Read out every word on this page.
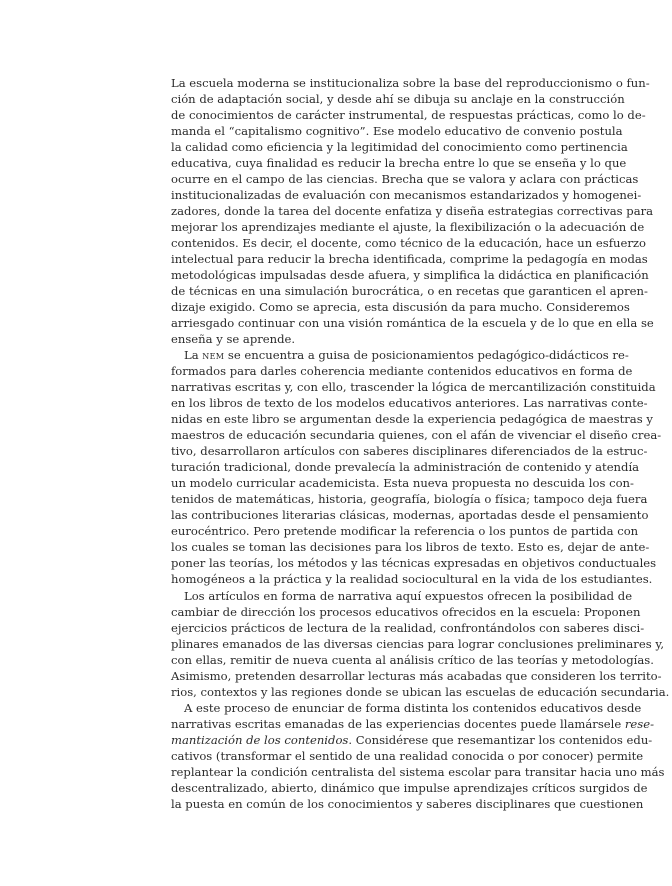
La escuela moderna se institucionaliza sobre la base del reproduccionismo o fun-
ción de adaptación social, y desde ahí se dibuja su anclaje en la construcción
de conocimientos de carácter instrumental, de respuestas prácticas, como lo de-
manda el “capitalismo cognitivo”. Ese modelo educativo de convenio postula
la calidad como eficiencia y la legitimidad del conocimiento como pertinencia
educativa, cuya finalidad es reducir la brecha entre lo que se enseña y lo que
ocurre en el campo de las ciencias. Brecha que se valora y aclara con prácticas
institucionalizadas de evaluación con mecanismos estandarizados y homogenei-
zadores, donde la tarea del docente enfatiza y diseña estrategias correctivas para
mejorar los aprendizajes mediante el ajuste, la flexibilización o la adecuación de
contenidos. Es decir, el docente, como técnico de la educación, hace un esfuerzo
intelectual para reducir la brecha identificada, comprime la pedagogía en modas
metodológicas impulsadas desde afuera, y simplifica la didáctica en planificación
de técnicas en una simulación burocrática, o en recetas que garanticen el apren-
dizaje exigido. Como se aprecia, esta discusión da para mucho. Consideremos
arriesgado continuar con una visión romántica de la escuela y de lo que en ella se
enseña y se aprende.
La nem se encuentra a guisa de posicionamientos pedagógico-didácticos re-
formados para darles coherencia mediante contenidos educativos en forma de
narrativas escritas y, con ello, trascender la lógica de mercantilización constituida
en los libros de texto de los modelos educativos anteriores. Las narrativas conte-
nidas en este libro se argumentan desde la experiencia pedagógica de maestras y
maestros de educación secundaria quienes, con el afán de vivenciar el diseño crea-
tivo, desarrollaron artículos con saberes disciplinares diferenciados de la estruc-
turación tradicional, donde prevalecía la administración de contenido y atendía
un modelo curricular academicista. Esta nueva propuesta no descuida los con-
tenidos de matemáticas, historia, geografía, biología o física; tampoco deja fuera
las contribuciones literarias clásicas, modernas, aportadas desde el pensamiento
eurocéntrico. Pero pretende modificar la referencia o los puntos de partida con
los cuales se toman las decisiones para los libros de texto. Esto es, dejar de ante-
poner las teorías, los métodos y las técnicas expresadas en objetivos conductuales
homogéneos a la práctica y la realidad sociocultural en la vida de los estudiantes.
Los artículos en forma de narrativa aquí expuestos ofrecen la posibilidad de
cambiar de dirección los procesos educativos ofrecidos en la escuela: Proponen
ejercicios prácticos de lectura de la realidad, confrontándolos con saberes disci-
plinares emanados de las diversas ciencias para lograr conclusiones preliminares y,
con ellas, remitir de nueva cuenta al análisis crítico de las teorías y metodologías.
Asimismo, pretenden desarrollar lecturas más acabadas que consideren los territo-
rios, contextos y las regiones donde se ubican las escuelas de educación secundaria.
A este proceso de enunciar de forma distinta los contenidos educativos desde
narrativas escritas emanadas de las experiencias docentes puede llamársele rese-
mantización de los contenidos. Considérese que resemantizar los contenidos edu-
cativos (transformar el sentido de una realidad conocida o por conocer) permite
replantear la condición centralista del sistema escolar para transitar hacia uno más
descentralizado, abierto, dinámico que impulse aprendizajes críticos surgidos de
la puesta en común de los conocimientos y saberes disciplinares que cuestionen
